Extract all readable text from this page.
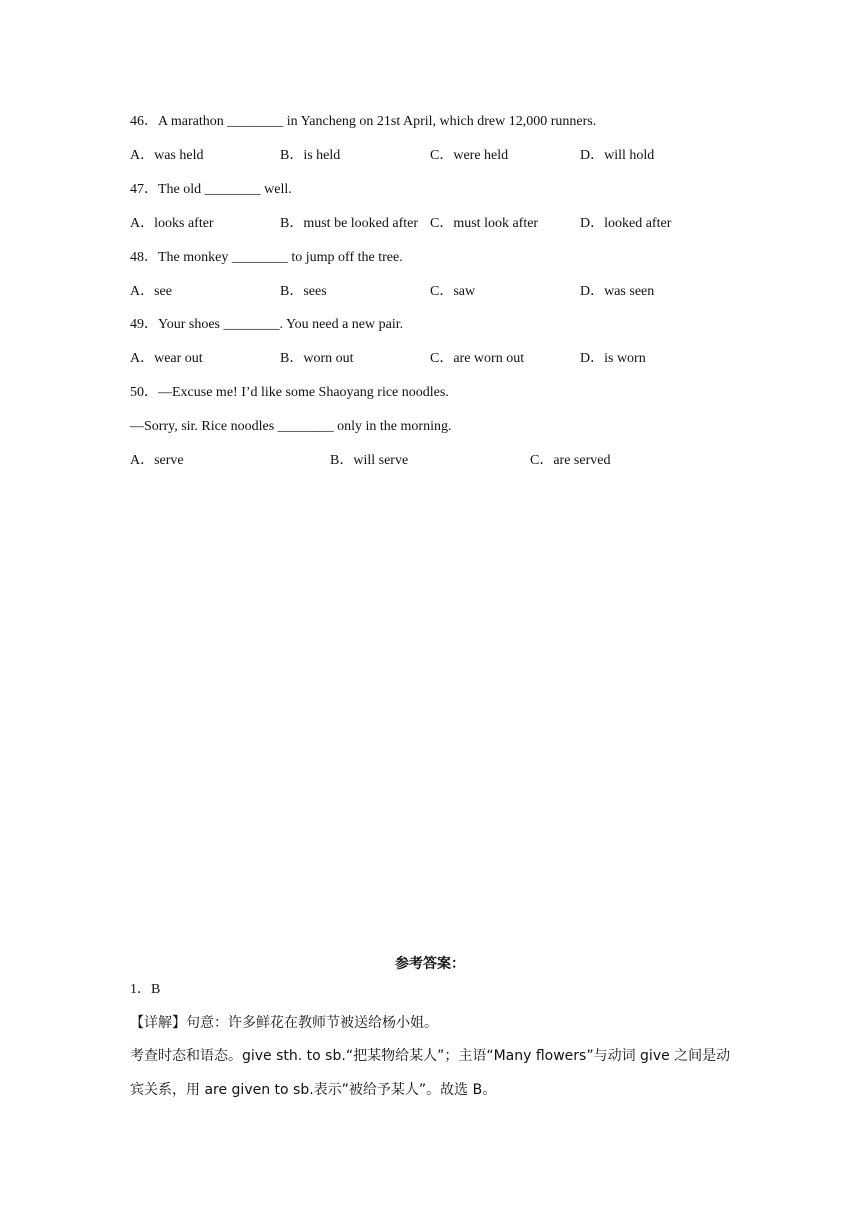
46．A marathon ________ in Yancheng on 21st April, which drew 12,000 runners.
A．was held	B．is held	C．were held	D．will hold
47．The old ________ well.
A．looks after	B．must be looked after C．must look after	D．looked after
48．The monkey ________ to jump off the tree.
A．see	B．sees	C．saw	D．was seen
49．Your shoes ________. You need a new pair.
A．wear out	B．worn out	C．are worn out	D．is worn
50．—Excuse me! I’d like some Shaoyang rice noodles.
—Sorry, sir. Rice noodles ________ only in the morning.
A．serve	B．will serve	C．are served
参考答案：
1．B
【详解】句意：许多鲜花在教师节被送给杨小姐。
考查时态和语态。give sth. to sb.“把某物给某人”；主语“Many flowers”与动词 give 之间是动
宾关系，用 are given to sb.表示”被给予某人”。故选 B。
